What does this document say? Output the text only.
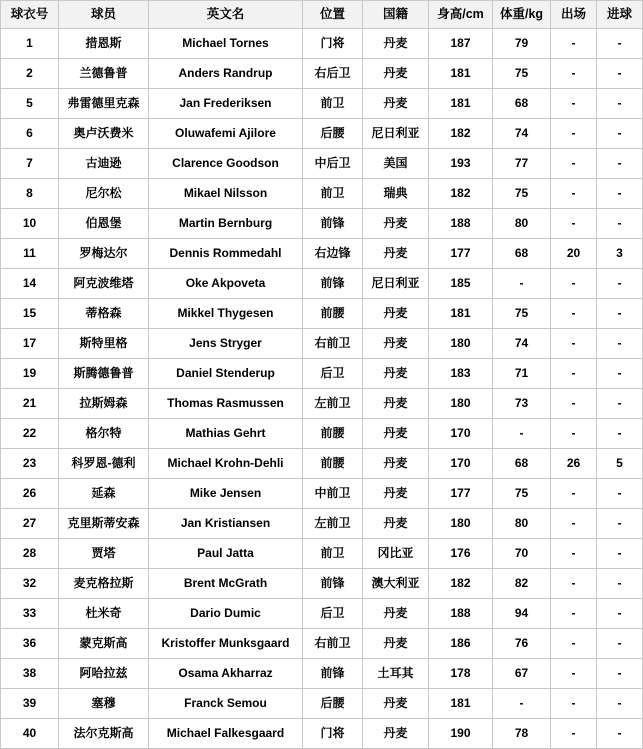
球衣号	球员	英文名	位置	国籍	身高/cm	体重/kg	出场	进球
1	措恩斯	Michael Tornes	门将	丹麦	187	79	-	-
2	兰德鲁普	Anders Randrup	右后卫	丹麦	181	75	-	-
5	弗雷德里克森	Jan Frederiksen	前卫	丹麦	181	68	-	-
6	奥卢沃费米	Oluwafemi Ajilore	后腰	尼日利亚	182	74	-	-
7	古迪逊	Clarence Goodson	中后卫	美国	193	77	-	-
8	尼尔松	Mikael Nilsson	前卫	瑞典	182	75	-	-
10	伯恩堡	Martin Bernburg	前锋	丹麦	188	80	-	-
11	罗梅达尔	Dennis Rommedahl	右边锋	丹麦	177	68	20	3
14	阿克波维塔	Oke Akpoveta	前锋	尼日利亚	185	-	-	-
15	蒂格森	Mikkel Thygesen	前腰	丹麦	181	75	-	-
17	斯特里格	Jens Stryger	右前卫	丹麦	180	74	-	-
19	斯腾德鲁普	Daniel Stenderup	后卫	丹麦	183	71	-	-
21	拉斯姆森	Thomas Rasmussen	左前卫	丹麦	180	73	-	-
22	格尔特	Mathias Gehrt	前腰	丹麦	170	-	-	-
23	科罗恩-德利	Michael Krohn-Dehli	前腰	丹麦	170	68	26	5
26	延森	Mike Jensen	中前卫	丹麦	177	75	-	-
27	克里斯蒂安森	Jan Kristiansen	左前卫	丹麦	180	80	-	-
28	贾塔	Paul Jatta	前卫	冈比亚	176	70	-	-
32	麦克格拉斯	Brent McGrath	前锋	澳大利亚	182	82	-	-
33	杜米奇	Dario Dumic	后卫	丹麦	188	94	-	-
36	蒙克斯高	Kristoffer Munksgaard	右前卫	丹麦	186	76	-	-
38	阿哈拉兹	Osama Akharraz	前锋	土耳其	178	67	-	-
39	塞穆	Franck Semou	后腰	丹麦	181	-	-	-
40	法尔克斯高	Michael Falkesgaard	门将	丹麦	190	78	-	-
